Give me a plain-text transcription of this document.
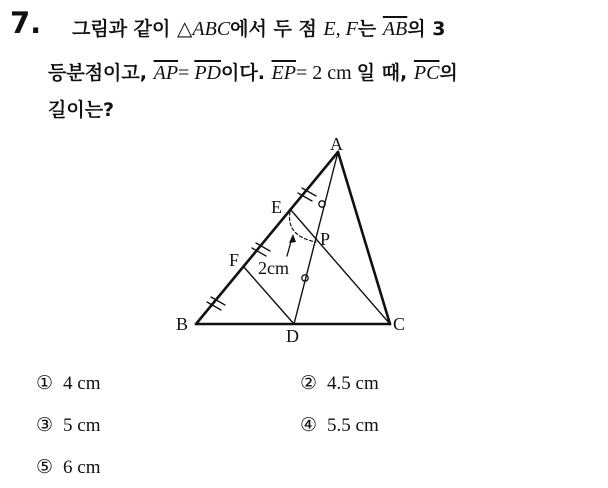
7. 그림과 같이 △ABC에서 두 점 E, F는 $\overline{AB}$의 3
등분점이고, $\overline{AP}= \overline{PD}$이다. $\overline{EP}= 2$ cm 일 때, $\overline{PC}$의
길이는?
A
B	C
D
E
F
P
2cm
① 4 cm	② 4.5 cm
③ 5 cm	④ 5.5 cm
⑤ 6 cm
